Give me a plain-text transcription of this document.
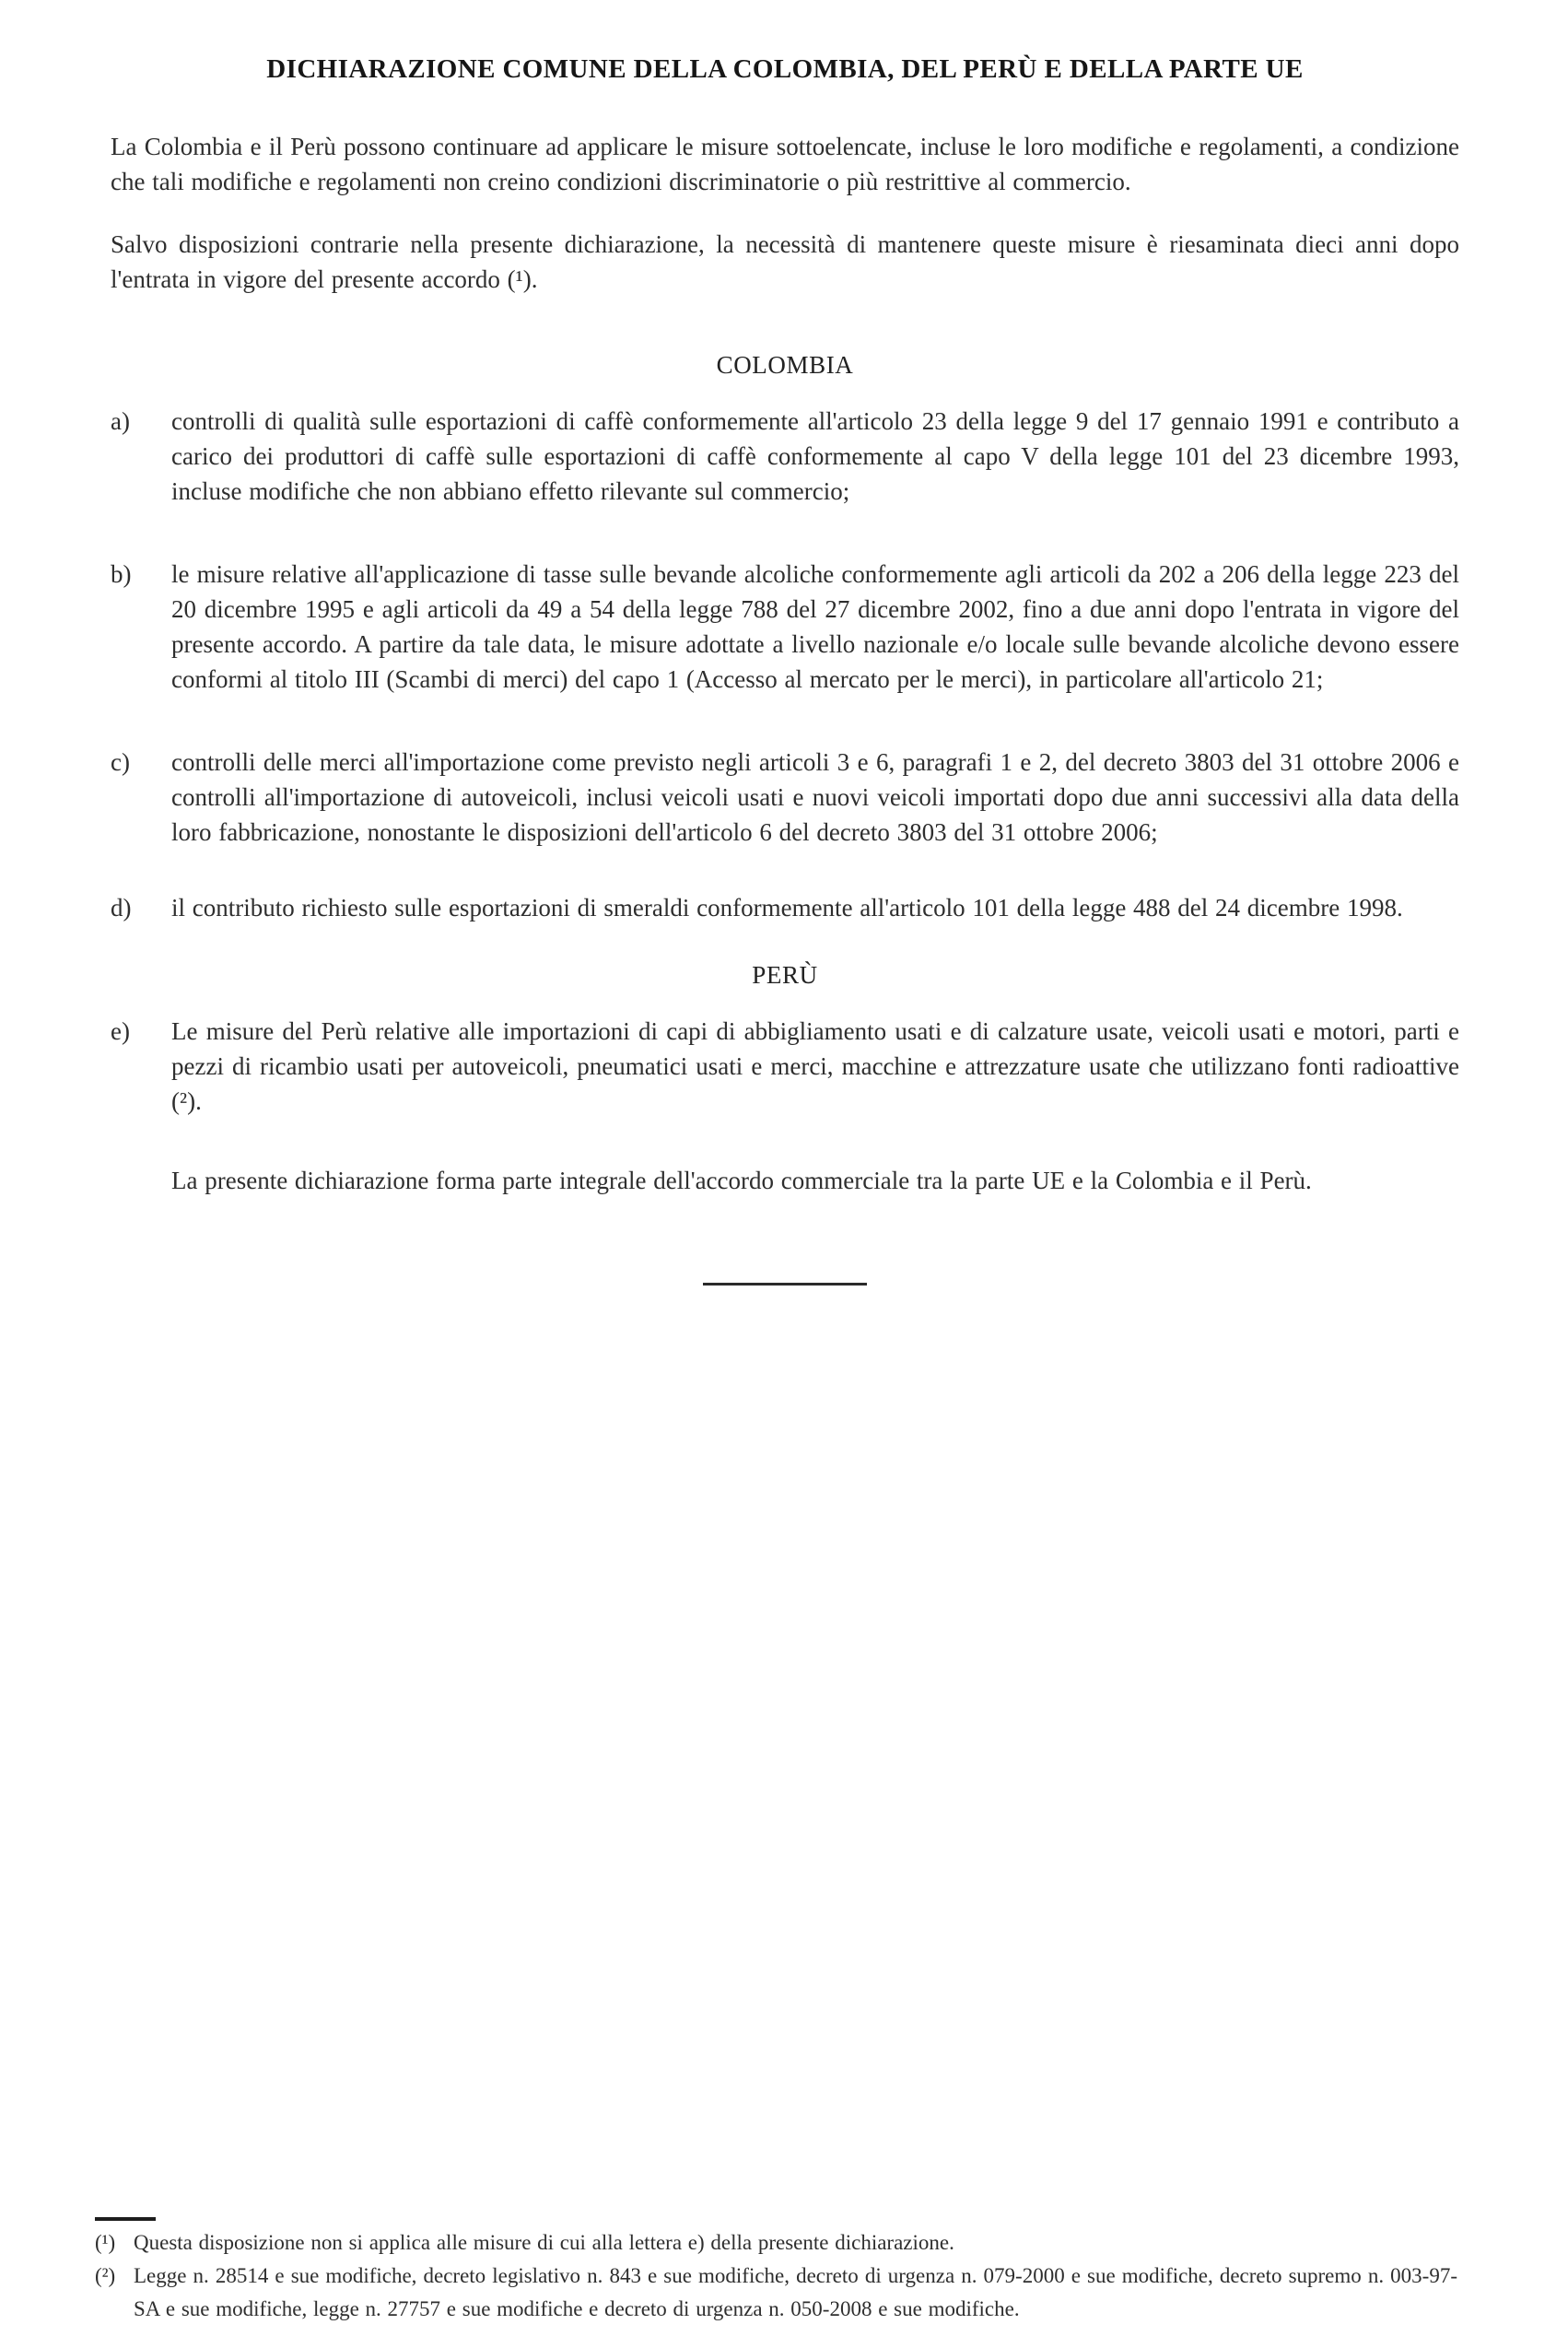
DICHIARAZIONE COMUNE DELLA COLOMBIA, DEL PERÙ E DELLA PARTE UE

La Colombia e il Perù possono continuare ad applicare le misure sottoelencate, incluse le loro modifiche e regolamenti, a condizione che tali modifiche e regolamenti non creino condizioni discriminatorie o più restrittive al commercio.

Salvo disposizioni contrarie nella presente dichiarazione, la necessità di mantenere queste misure è riesaminata dieci anni dopo l'entrata in vigore del presente accordo (¹).

COLOMBIA
a)	controlli di qualità sulle esportazioni di caffè conformemente all'articolo 23 della legge 9 del 17 gennaio 1991 e contributo a carico dei produttori di caffè sulle esportazioni di caffè conformemente al capo V della legge 101 del 23 dicembre 1993, incluse modifiche che non abbiano effetto rilevante sul commercio;
b)	le misure relative all'applicazione di tasse sulle bevande alcoliche conformemente agli articoli da 202 a 206 della legge 223 del 20 dicembre 1995 e agli articoli da 49 a 54 della legge 788 del 27 dicembre 2002, fino a due anni dopo l'entrata in vigore del presente accordo. A partire da tale data, le misure adottate a livello nazionale e/o locale sulle bevande alcoliche devono essere conformi al titolo III (Scambi di merci) del capo 1 (Accesso al mercato per le merci), in particolare all'articolo 21;
c)	controlli delle merci all'importazione come previsto negli articoli 3 e 6, paragrafi 1 e 2, del decreto 3803 del 31 ottobre 2006 e controlli all'importazione di autoveicoli, inclusi veicoli usati e nuovi veicoli importati dopo due anni successivi alla data della loro fabbricazione, nonostante le disposizioni dell'articolo 6 del decreto 3803 del 31 ottobre 2006;
d)	il contributo richiesto sulle esportazioni di smeraldi conformemente all'articolo 101 della legge 488 del 24 dicembre 1998.
PERÙ
e)	Le misure del Perù relative alle importazioni di capi di abbigliamento usati e di calzature usate, veicoli usati e motori, parti e pezzi di ricambio usati per autoveicoli, pneumatici usati e merci, macchine e attrezzature usate che utilizzano fonti radioattive (²).

La presente dichiarazione forma parte integrale dell'accordo commerciale tra la parte UE e la Colombia e il Perù.

(¹) Questa disposizione non si applica alle misure di cui alla lettera e) della presente dichiarazione.
(²) Legge n. 28514 e sue modifiche, decreto legislativo n. 843 e sue modifiche, decreto di urgenza n. 079-2000 e sue modifiche, decreto supremo n. 003-97-SA e sue modifiche, legge n. 27757 e sue modifiche e decreto di urgenza n. 050-2008 e sue modifiche.
